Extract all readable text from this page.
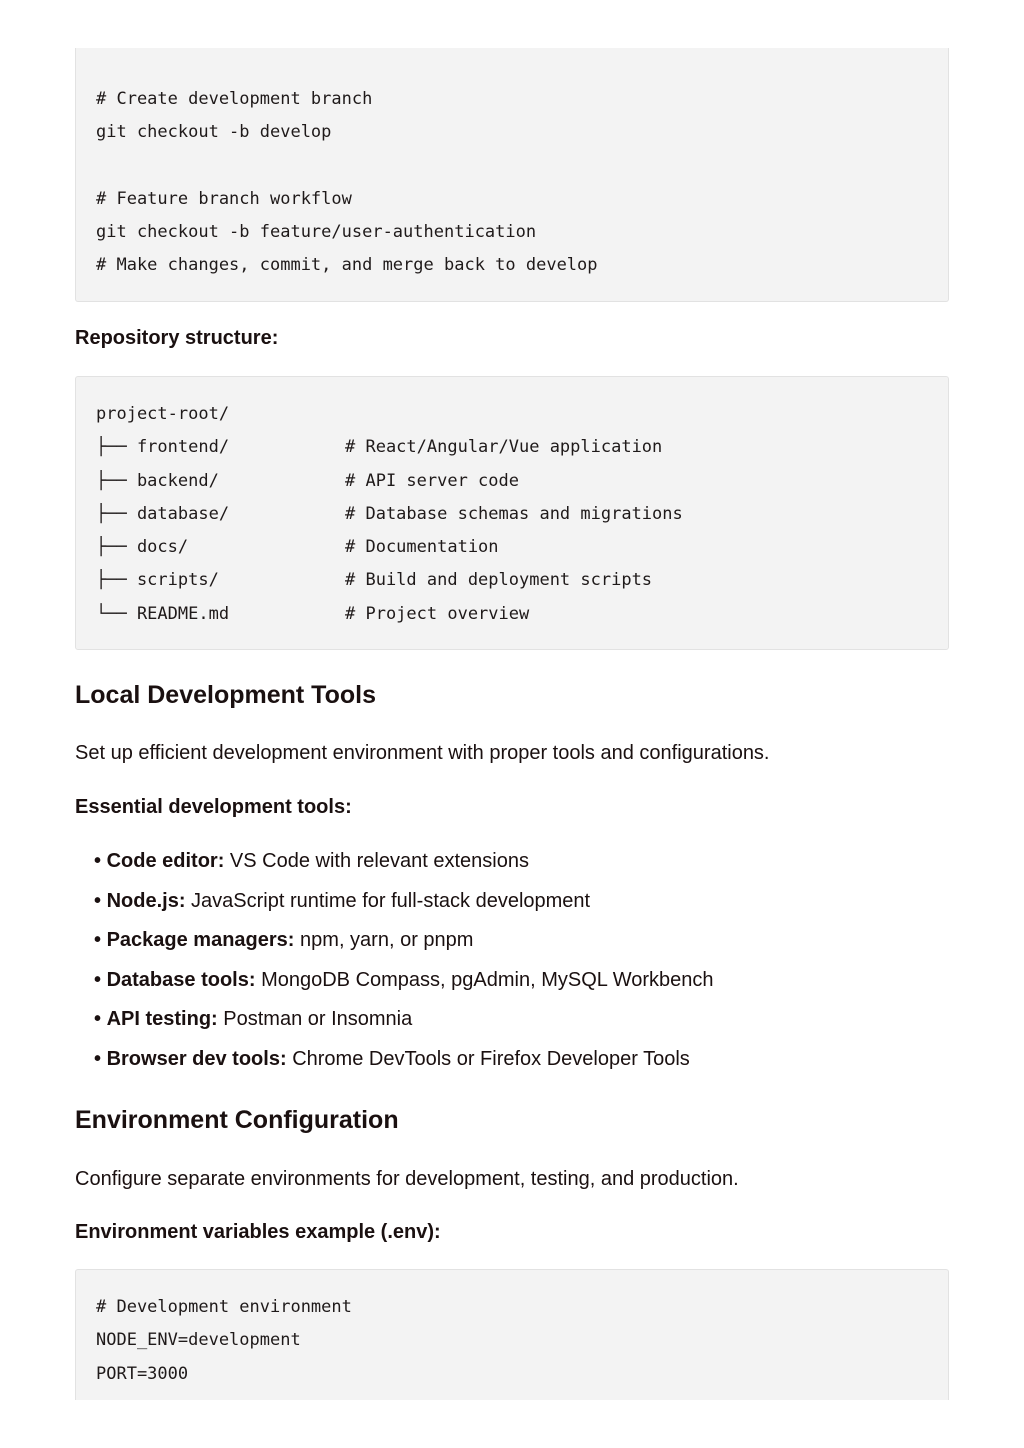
# Create development branch
git checkout -b develop
# Feature branch workflow
git checkout -b feature/user-authentication
# Make changes, commit, and merge back to develop
Repository structure:
project-root/
├── frontend/	# React/Angular/Vue application
├── backend/	# API server code
├── database/	# Database schemas and migrations
├── docs/	# Documentation
├── scripts/	# Build and deployment scripts
└── README.md	# Project overview
Local Development Tools
Set up efficient development environment with proper tools and configurations.
Essential development tools:
• Code editor: VS Code with relevant extensions
• Node.js: JavaScript runtime for full-stack development
• Package managers: npm, yarn, or pnpm
• Database tools: MongoDB Compass, pgAdmin, MySQL Workbench
• API testing: Postman or Insomnia
• Browser dev tools: Chrome DevTools or Firefox Developer Tools
Environment Configuration
Configure separate environments for development, testing, and production.
Environment variables example (.env):
# Development environment
NODE_ENV=development
PORT=3000
